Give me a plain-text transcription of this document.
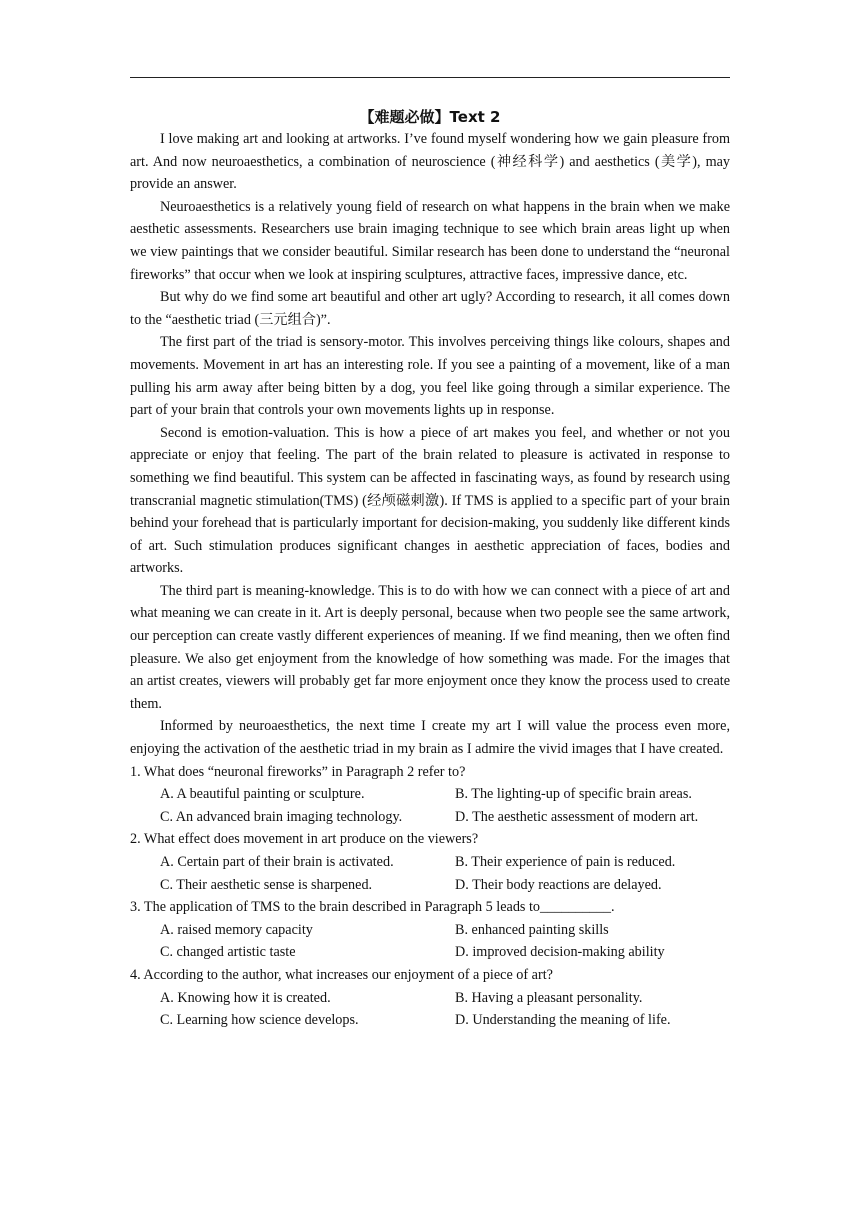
【难题必做】Text 2

I love making art and looking at artworks. I’ve found myself wondering how we gain pleasure from art. And now neuroaesthetics, a combination of neuroscience (神经科学) and aesthetics (美学), may provide an answer.

Neuroaesthetics is a relatively young field of research on what happens in the brain when we make aesthetic assessments. Researchers use brain imaging technique to see which brain areas light up when we view paintings that we consider beautiful. Similar research has been done to understand the “neuronal fireworks” that occur when we look at inspiring sculptures, attractive faces, impressive dance, etc.

But why do we find some art beautiful and other art ugly? According to research, it all comes down to the “aesthetic triad (三元组合)”.

The first part of the triad is sensory-motor. This involves perceiving things like colours, shapes and movements. Movement in art has an interesting role. If you see a painting of a movement, like of a man pulling his arm away after being bitten by a dog, you feel like going through a similar experience. The part of your brain that controls your own movements lights up in response.

Second is emotion-valuation. This is how a piece of art makes you feel, and whether or not you appreciate or enjoy that feeling. The part of the brain related to pleasure is activated in response to something we find beautiful. This system can be affected in fascinating ways, as found by research using transcranial magnetic stimulation(TMS) (经颅磁刺激). If TMS is applied to a specific part of your brain behind your forehead that is particularly important for decision-making, you suddenly like different kinds of art. Such stimulation produces significant changes in aesthetic appreciation of faces, bodies and artworks.

The third part is meaning-knowledge. This is to do with how we can connect with a piece of art and what meaning we can create in it. Art is deeply personal, because when two people see the same artwork, our perception can create vastly different experiences of meaning. If we find meaning, then we often find pleasure. We also get enjoyment from the knowledge of how something was made. For the images that an artist creates, viewers will probably get far more enjoyment once they know the process used to create them.

Informed by neuroaesthetics, the next time I create my art I will value the process even more, enjoying the activation of the aesthetic triad in my brain as I admire the vivid images that I have created.

1. What does “neuronal fireworks” in Paragraph 2 refer to?

A. A beautiful painting or sculpture.	B. The lighting-up of specific brain areas.
C. An advanced brain imaging technology.	D. The aesthetic assessment of modern art.

2. What effect does movement in art produce on the viewers?

A. Certain part of their brain is activated.	B. Their experience of pain is reduced.
C. Their aesthetic sense is sharpened.	D. Their body reactions are delayed.

3. The application of TMS to the brain described in Paragraph 5 leads to__________.

A. raised memory capacity	B. enhanced painting skills
C. changed artistic taste	D. improved decision-making ability

4. According to the author, what increases our enjoyment of a piece of art?

A. Knowing how it is created.	B. Having a pleasant personality.
C. Learning how science develops.	D. Understanding the meaning of life.
